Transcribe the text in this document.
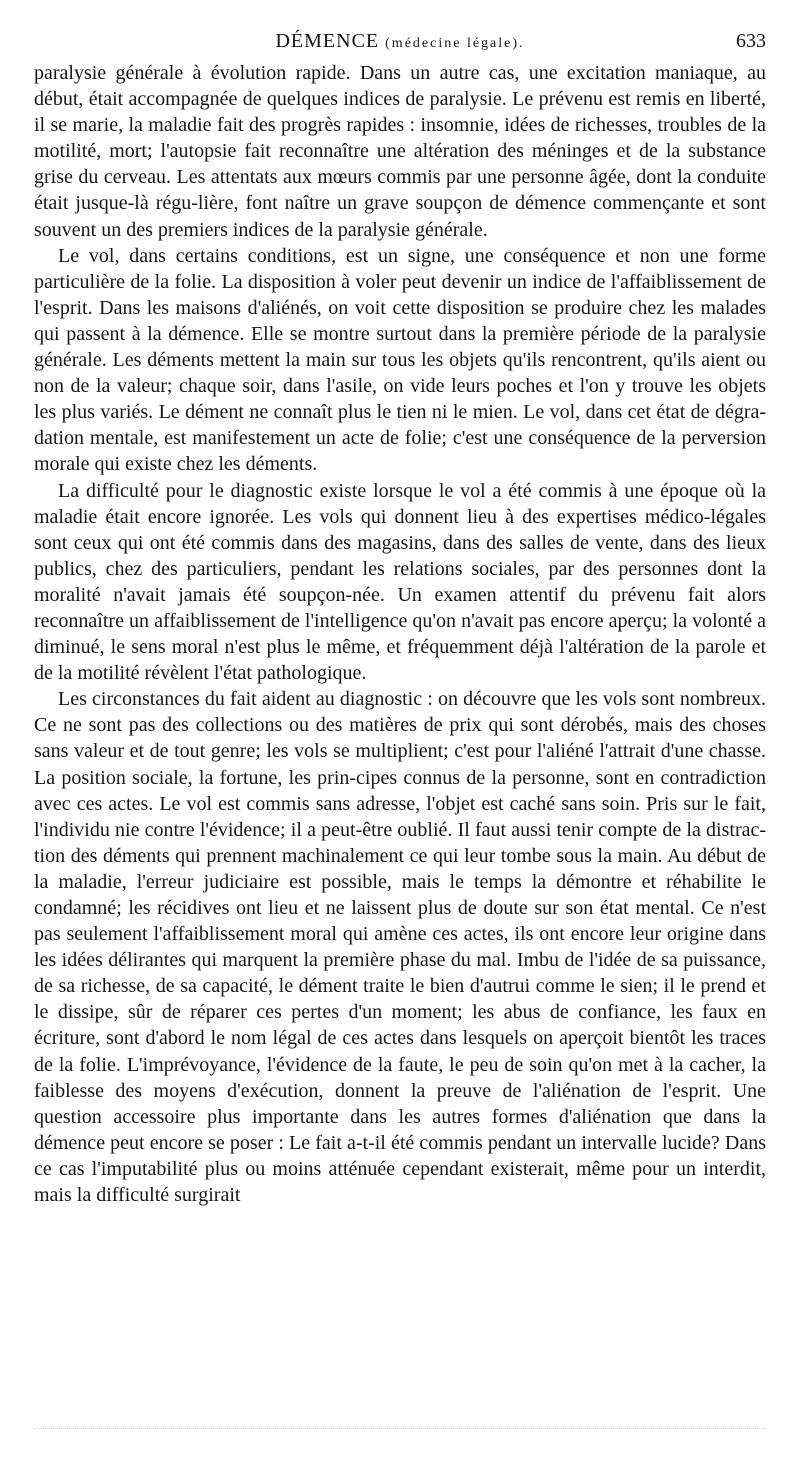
DÉMENCE (médecine légale).	633

paralysie générale à évolution rapide. Dans un autre cas, une excitation maniaque, au début, était accompagnée de quelques indices de paralysie. Le prévenu est remis en liberté, il se marie, la maladie fait des progrès rapides : insomnie, idées de richesses, troubles de la motilité, mort; l'autopsie fait reconnaître une altération des méninges et de la substance grise du cerveau. Les attentats aux mœurs commis par une personne âgée, dont la conduite était jusque-là régu-lière, font naître un grave soupçon de démence commençante et sont souvent un des premiers indices de la paralysie générale.

Le vol, dans certains conditions, est un signe, une conséquence et non une forme particulière de la folie. La disposition à voler peut devenir un indice de l'affaiblissement de l'esprit. Dans les maisons d'aliénés, on voit cette disposition se produire chez les malades qui passent à la démence. Elle se montre surtout dans la première période de la paralysie générale. Les déments mettent la main sur tous les objets qu'ils rencontrent, qu'ils aient ou non de la valeur; chaque soir, dans l'asile, on vide leurs poches et l'on y trouve les objets les plus variés. Le dément ne connaît plus le tien ni le mien. Le vol, dans cet état de dégra-dation mentale, est manifestement un acte de folie; c'est une conséquence de la perversion morale qui existe chez les déments.

La difficulté pour le diagnostic existe lorsque le vol a été commis à une époque où la maladie était encore ignorée. Les vols qui donnent lieu à des expertises médico-légales sont ceux qui ont été commis dans des magasins, dans des salles de vente, dans des lieux publics, chez des particuliers, pendant les relations sociales, par des personnes dont la moralité n'avait jamais été soupçon-née. Un examen attentif du prévenu fait alors reconnaître un affaiblissement de l'intelligence qu'on n'avait pas encore aperçu; la volonté a diminué, le sens moral n'est plus le même, et fréquemment déjà l'altération de la parole et de la motilité révèlent l'état pathologique.

Les circonstances du fait aident au diagnostic : on découvre que les vols sont nombreux. Ce ne sont pas des collections ou des matières de prix qui sont dérobés, mais des choses sans valeur et de tout genre; les vols se multiplient; c'est pour l'aliéné l'attrait d'une chasse. La position sociale, la fortune, les prin-cipes connus de la personne, sont en contradiction avec ces actes. Le vol est commis sans adresse, l'objet est caché sans soin. Pris sur le fait, l'individu nie contre l'évidence; il a peut-être oublié. Il faut aussi tenir compte de la distrac-tion des déments qui prennent machinalement ce qui leur tombe sous la main. Au début de la maladie, l'erreur judiciaire est possible, mais le temps la démontre et réhabilite le condamné; les récidives ont lieu et ne laissent plus de doute sur son état mental. Ce n'est pas seulement l'affaiblissement moral qui amène ces actes, ils ont encore leur origine dans les idées délirantes qui marquent la première phase du mal. Imbu de l'idée de sa puissance, de sa richesse, de sa capacité, le dément traite le bien d'autrui comme le sien; il le prend et le dissipe, sûr de réparer ces pertes d'un moment; les abus de confiance, les faux en écriture, sont d'abord le nom légal de ces actes dans lesquels on aperçoit bientôt les traces de la folie. L'imprévoyance, l'évidence de la faute, le peu de soin qu'on met à la cacher, la faiblesse des moyens d'exécution, donnent la preuve de l'aliénation de l'esprit. Une question accessoire plus importante dans les autres formes d'aliénation que dans la démence peut encore se poser : Le fait a-t-il été commis pendant un intervalle lucide? Dans ce cas l'imputabilité plus ou moins atténuée cependant existerait, même pour un interdit, mais la difficulté surgirait
